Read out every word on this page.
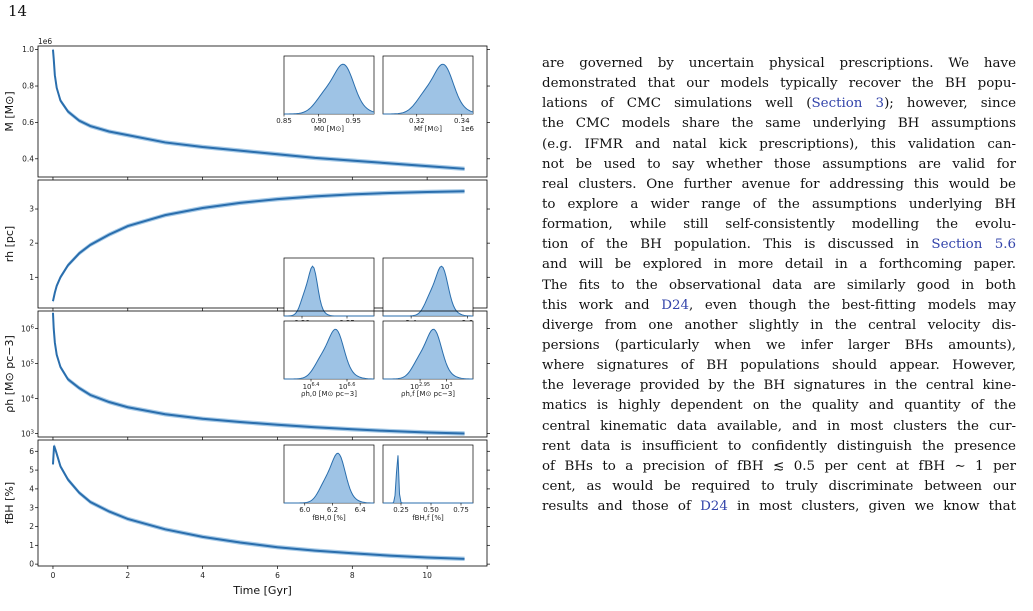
14
0.4
0.6
0.8
1.0
1e6
M [M⊙]	0.85	0.90	0.95
M0 [M⊙]
0.32	0.34
Mf [M⊙]	1e6
1
2
3
rh [pc]
$10^3$
$10^4$
$10^5$
$10^6$
ρh [M⊙ pc−3]	$10^{6.4}$	$10^{6.6}$
ρh,0 [M⊙ pc−3]
$10^{2.95}$ $10^3$
ρh,f [M⊙ pc−3]
0
1
2
3
4
5
6
fBH [%]	6.0 6.2 6.4
fBH,0 [%]
0.25 0.50 0.75
fBH,f [%]
0	2	4	6	8	10
Time [Gyr]
are governed by uncertain physical prescriptions. We have
demonstrated that our models typically recover the BH popu-
lations of CMC simulations well (Section 3); however, since
the CMC models share the same underlying BH assumptions
(e.g. IFMR and natal kick prescriptions), this validation can-
not be used to say whether those assumptions are valid for
real clusters. One further avenue for addressing this would be
to explore a wider range of the assumptions underlying BH
formation, while still self-consistently modelling the evolu-
tion of the BH population. This is discussed in Section 5.6
and will be explored in more detail in a forthcoming paper.
The fits to the observational data are similarly good in both
this work and D24, even though the best-fitting models may
diverge from one another slightly in the central velocity dis-
persions (particularly when we infer larger BHs amounts),
where signatures of BH populations should appear. However,
the leverage provided by the BH signatures in the central kine-
matics is highly dependent on the quality and quantity of the
central kinematic data available, and in most clusters the cur-
rent data is insufficient to confidently distinguish the presence
of BHs to a precision of fBH ≲ 0.5 per cent at fBH ∼ 1 per
cent, as would be required to truly discriminate between our
results and those of D24 in most clusters, given we know that
